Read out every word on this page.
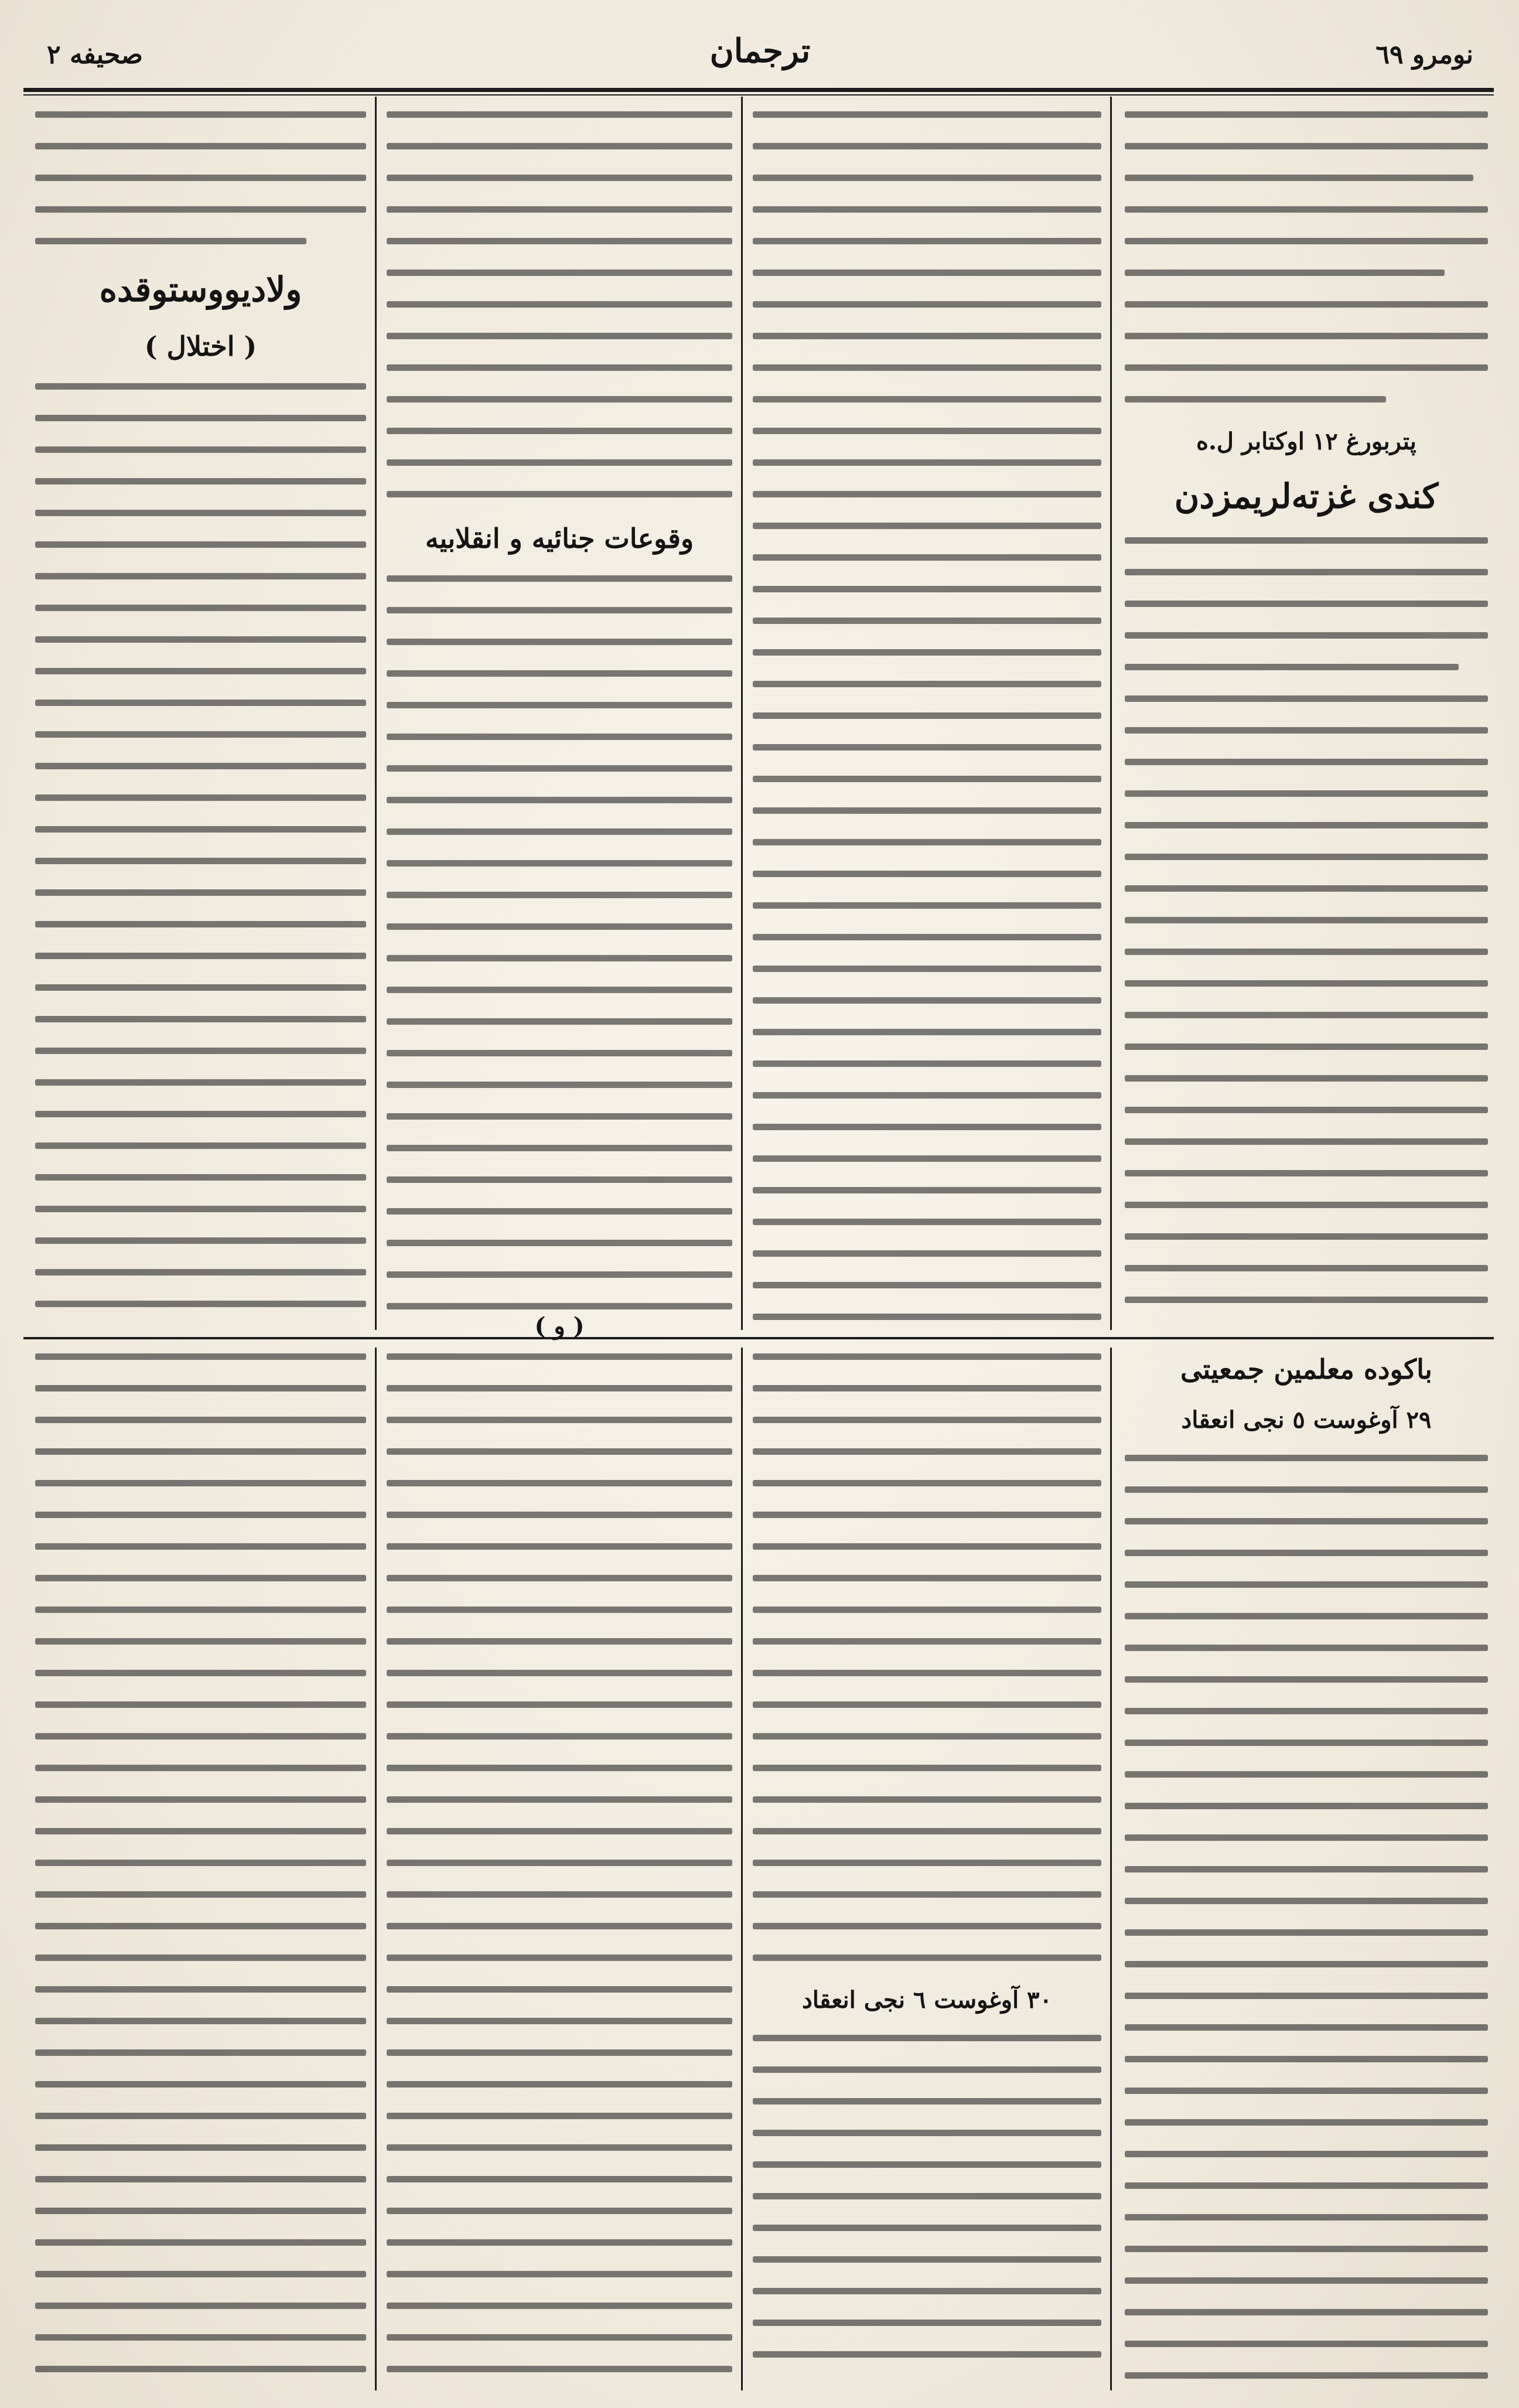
نومرو ٦٩
ترجمان
صحیفه ٢
پتربورغ ١٢ اوكتابر ل.ه
کندی غزته‌لریمزدن
وقوعات جنائیه و انقلابیه
ولادیووستوقده
( اختلال )
باكوده معلمین جمعیتی
٢٩ آوغوست ٥ نجی انعقاد
٣٠ آوغوست ٦ نجی انعقاد
( و )
